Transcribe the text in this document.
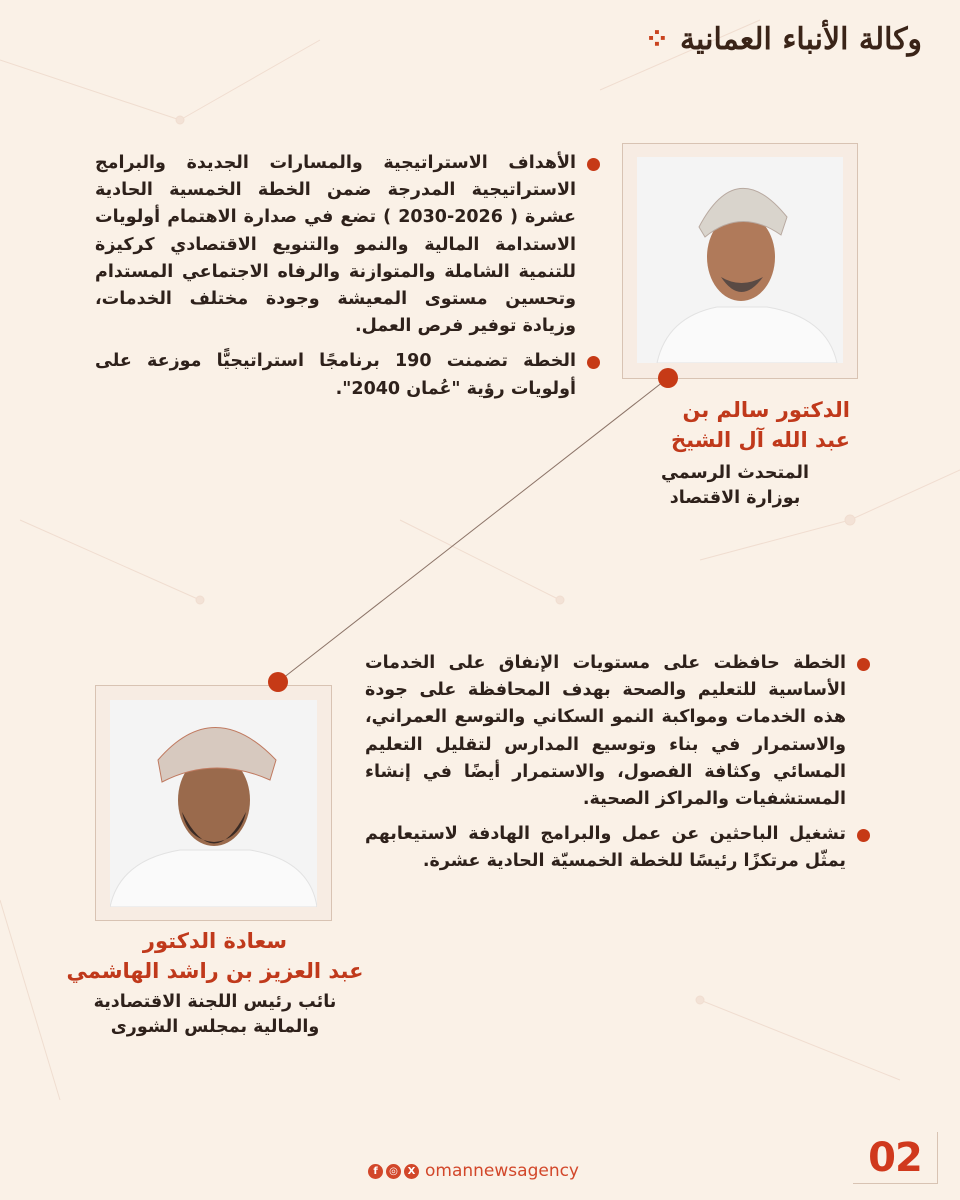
وكالة الأنباء العمانية ⁘
الدكتور سالم بن
عبد الله آل الشيخ
المتحدث الرسمي
بوزارة الاقتصاد
الأهداف الاستراتيجية والمسارات الجديدة والبرامج الاستراتيجية المدرجة ضمن الخطة الخمسية الحادية عشرة ( 2026-2030 ) تضع في صدارة الاهتمام أولويات الاستدامة المالية والنمو والتنويع الاقتصادي كركيزة للتنمية الشاملة والمتوازنة والرفاه الاجتماعي المستدام وتحسين مستوى المعيشة وجودة مختلف الخدمات، وزيادة توفير فرص العمل.
الخطة تضمنت 190 برنامجًا استراتيجيًّا موزعة على أولويات رؤية "عُمان 2040".
سعادة الدكتور
عبد العزيز بن راشد الهاشمي
نائب رئيس اللجنة الاقتصادية
والمالية بمجلس الشورى
الخطة حافظت على مستويات الإنفاق على الخدمات الأساسية للتعليم والصحة بهدف المحافظة على جودة هذه الخدمات ومواكبة النمو السكاني والتوسع العمراني، والاستمرار في بناء وتوسيع المدارس لتقليل التعليم المسائي وكثافة الفصول، والاستمرار أيضًا في إنشاء المستشفيات والمراكز الصحية.
تشغيل الباحثين عن عمل والبرامج الهادفة لاستيعابهم يمثّل مرتكزًا رئيسًا للخطة الخمسيّة الحادية عشرة.
f	◎ X omannewsagency	02
